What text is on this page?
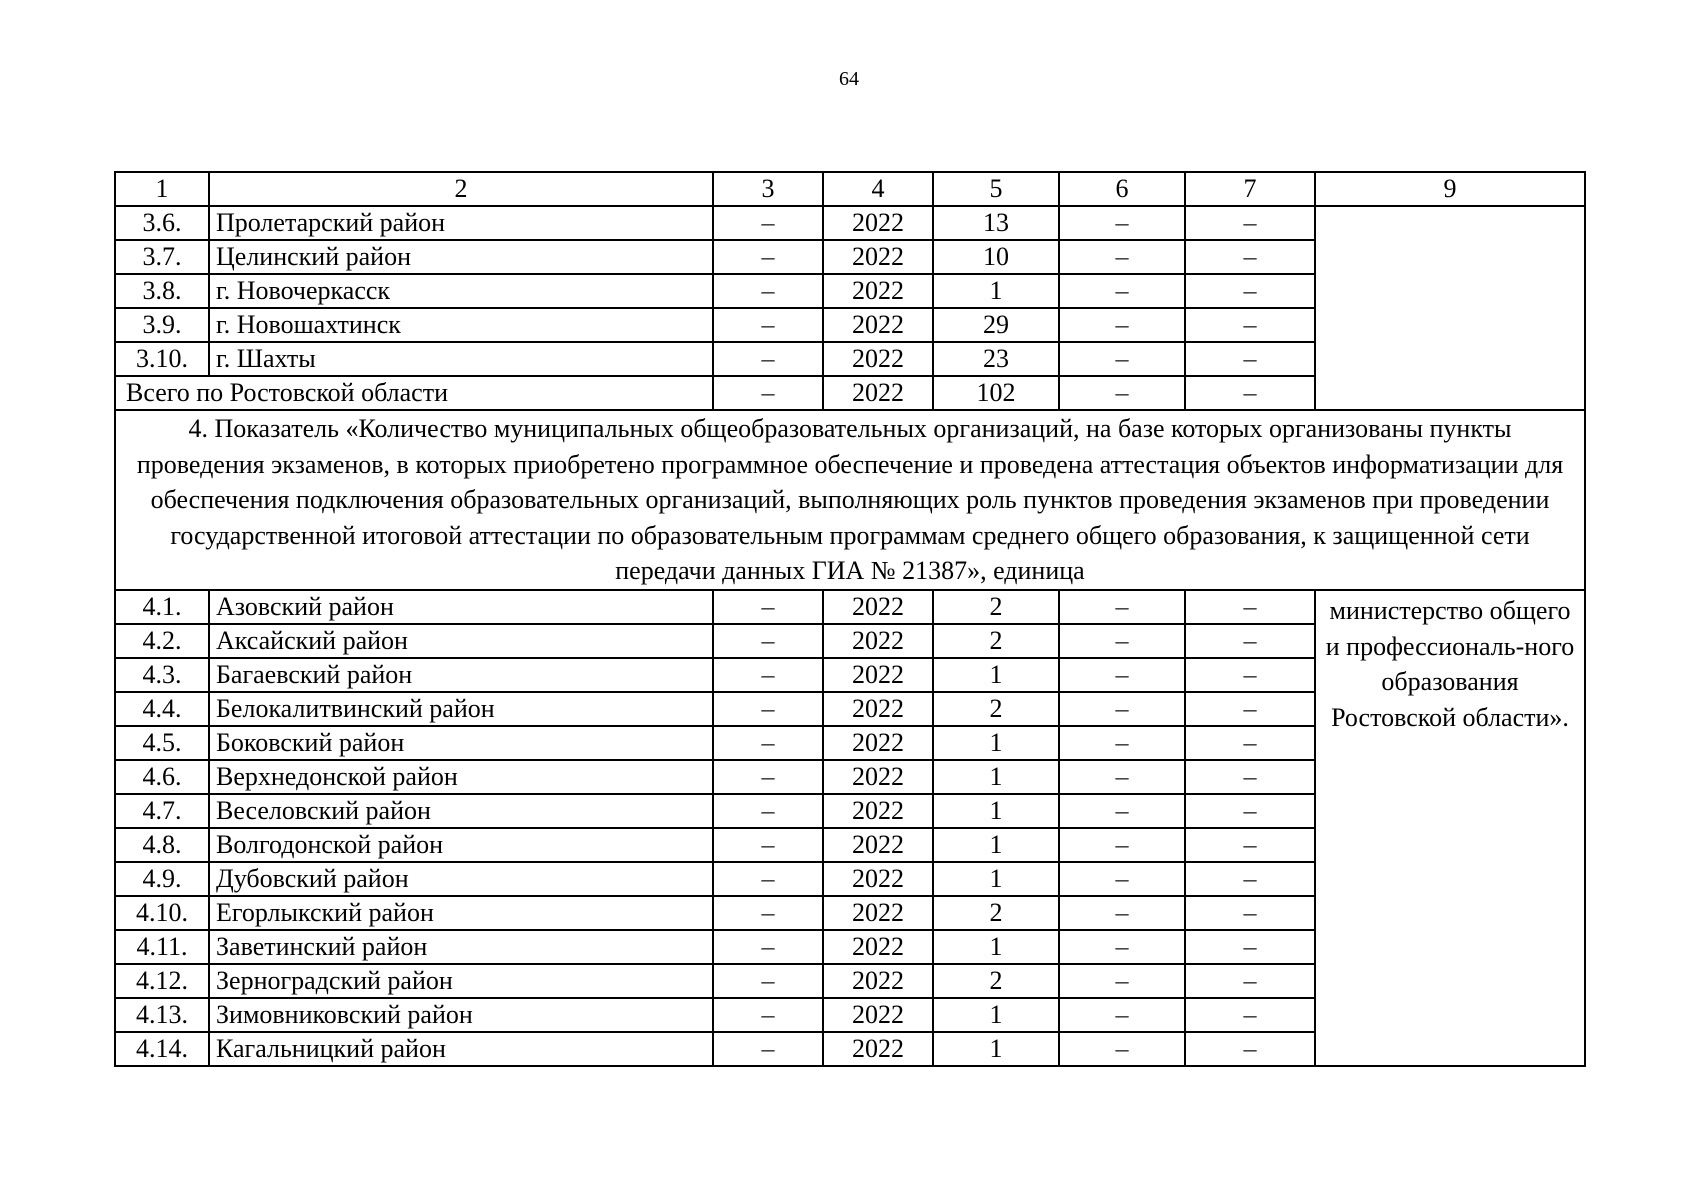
64
1	2	3	4	5	6	7	9
3.6.	Пролетарский район	–	2022	13	–	–	
3.7.	Целинский район	–	2022	10	–	–	
3.8.	г. Новочеркасск	–	2022	1	–	–	
3.9.	г. Новошахтинск	–	2022	29	–	–	
3.10.	г. Шахты	–	2022	23	–	–	
Всего по Ростовской области		–	2022	102	–	–	
4. Показатель «Количество муниципальных общеобразовательных организаций, на базе которых организованы пункты проведения экзаменов, в которых приобретено программное обеспечение и проведена аттестация объектов информатизации для обеспечения подключения образовательных организаций, выполняющих роль пунктов проведения экзаменов при проведении государственной итоговой аттестации по образовательным программам среднего общего образования, к защищенной сети передачи данных ГИА № 21387», единица							
4.1.	Азовский район	–	2022	2	–	–	министерство общего и профессиональ-ного образования Ростовской области».
4.2.	Аксайский район	–	2022	2	–	–	
4.3.	Багаевский район	–	2022	1	–	–	
4.4.	Белокалитвинский район	–	2022	2	–	–	
4.5.	Боковский район	–	2022	1	–	–	
4.6.	Верхнедонской район	–	2022	1	–	–	
4.7.	Веселовский район	–	2022	1	–	–	
4.8.	Волгодонской район	–	2022	1	–	–	
4.9.	Дубовский район	–	2022	1	–	–	
4.10.	Егорлыкский район	–	2022	2	–	–	
4.11.	Заветинский район	–	2022	1	–	–	
4.12.	Зерноградский район	–	2022	2	–	–	
4.13.	Зимовниковский район	–	2022	1	–	–	
4.14.	Кагальницкий район	–	2022	1	–	–	
